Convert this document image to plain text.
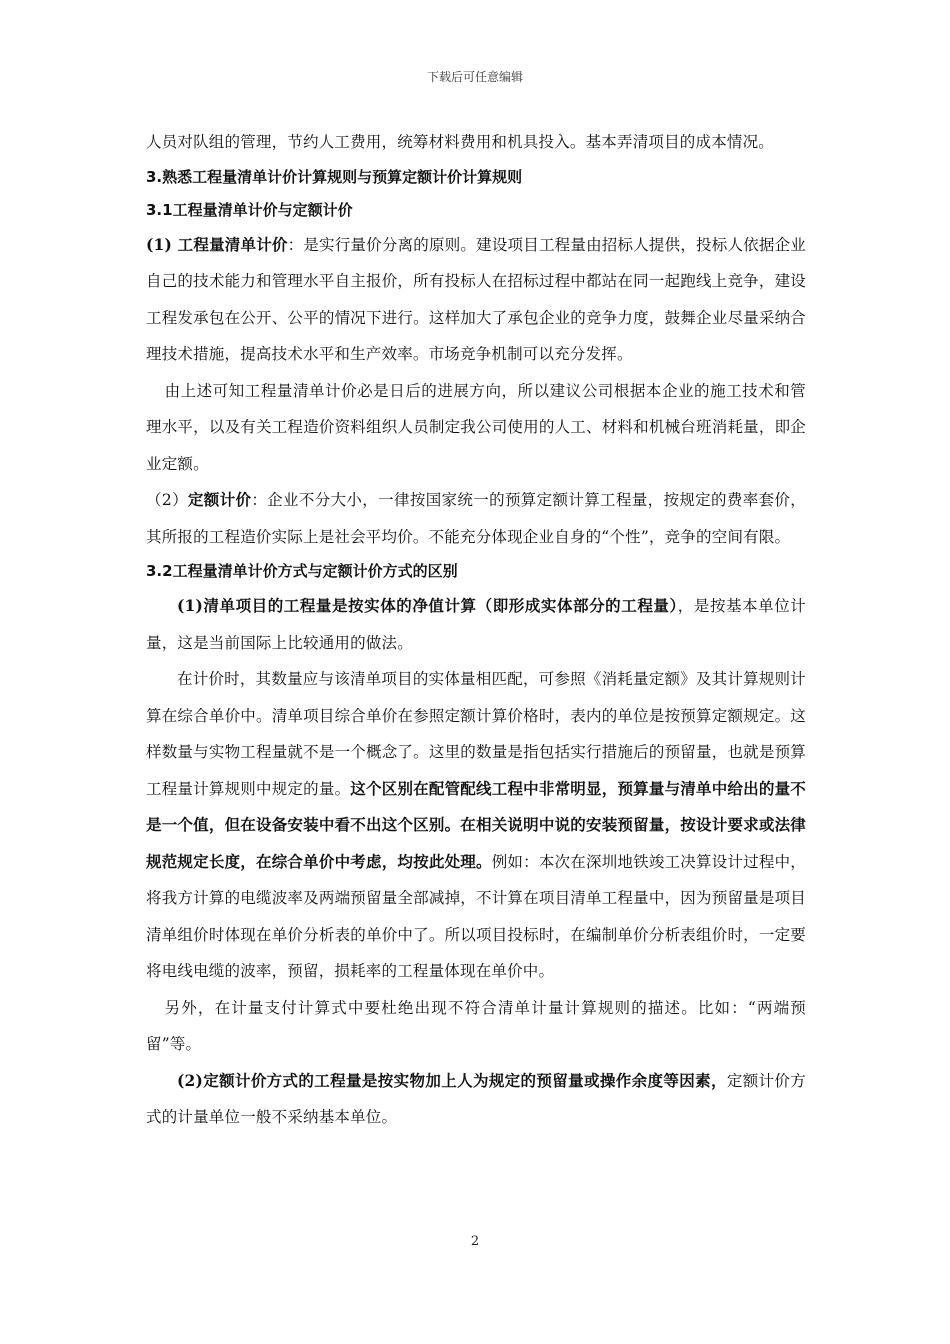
下载后可任意编辑

人员对队组的管理，节约人工费用，统筹材料费用和机具投入。基本弄清项目的成本情况。

3.熟悉工程量清单计价计算规则与预算定额计价计算规则

3.1工程量清单计价与定额计价

(1) 工程量清单计价：是实行量价分离的原则。建设项目工程量由招标人提供，投标人依据企业自己的技术能力和管理水平自主报价，所有投标人在招标过程中都站在同一起跑线上竞争，建设工程发承包在公开、公平的情况下进行。这样加大了承包企业的竞争力度，鼓舞企业尽量采纳合理技术措施，提高技术水平和生产效率。市场竞争机制可以充分发挥。

由上述可知工程量清单计价必是日后的进展方向，所以建议公司根据本企业的施工技术和管理水平，以及有关工程造价资料组织人员制定我公司使用的人工、材料和机械台班消耗量，即企业定额。

（2）定额计价：企业不分大小，一律按国家统一的预算定额计算工程量，按规定的费率套价，其所报的工程造价实际上是社会平均价。不能充分体现企业自身的“个性”，竞争的空间有限。

3.2工程量清单计价方式与定额计价方式的区别

(1)清单项目的工程量是按实体的净值计算（即形成实体部分的工程量），是按基本单位计量，这是当前国际上比较通用的做法。

在计价时，其数量应与该清单项目的实体量相匹配，可参照《消耗量定额》及其计算规则计算在综合单价中。清单项目综合单价在参照定额计算价格时，表内的单位是按预算定额规定。这样数量与实物工程量就不是一个概念了。这里的数量是指包括实行措施后的预留量，也就是预算工程量计算规则中规定的量。这个区别在配管配线工程中非常明显，预算量与清单中给出的量不是一个值，但在设备安装中看不出这个区别。在相关说明中说的安装预留量，按设计要求或法律规范规定长度，在综合单价中考虑，均按此处理。例如：本次在深圳地铁竣工决算设计过程中，将我方计算的电缆波率及两端预留量全部减掉，不计算在项目清单工程量中，因为预留量是项目清单组价时体现在单价分析表的单价中了。所以项目投标时，在编制单价分析表组价时，一定要将电线电缆的波率，预留，损耗率的工程量体现在单价中。

另外，在计量支付计算式中要杜绝出现不符合清单计量计算规则的描述。比如：“两端预留”等。

(2)定额计价方式的工程量是按实物加上人为规定的预留量或操作余度等因素，定额计价方式的计量单位一般不采纳基本单位。

2
